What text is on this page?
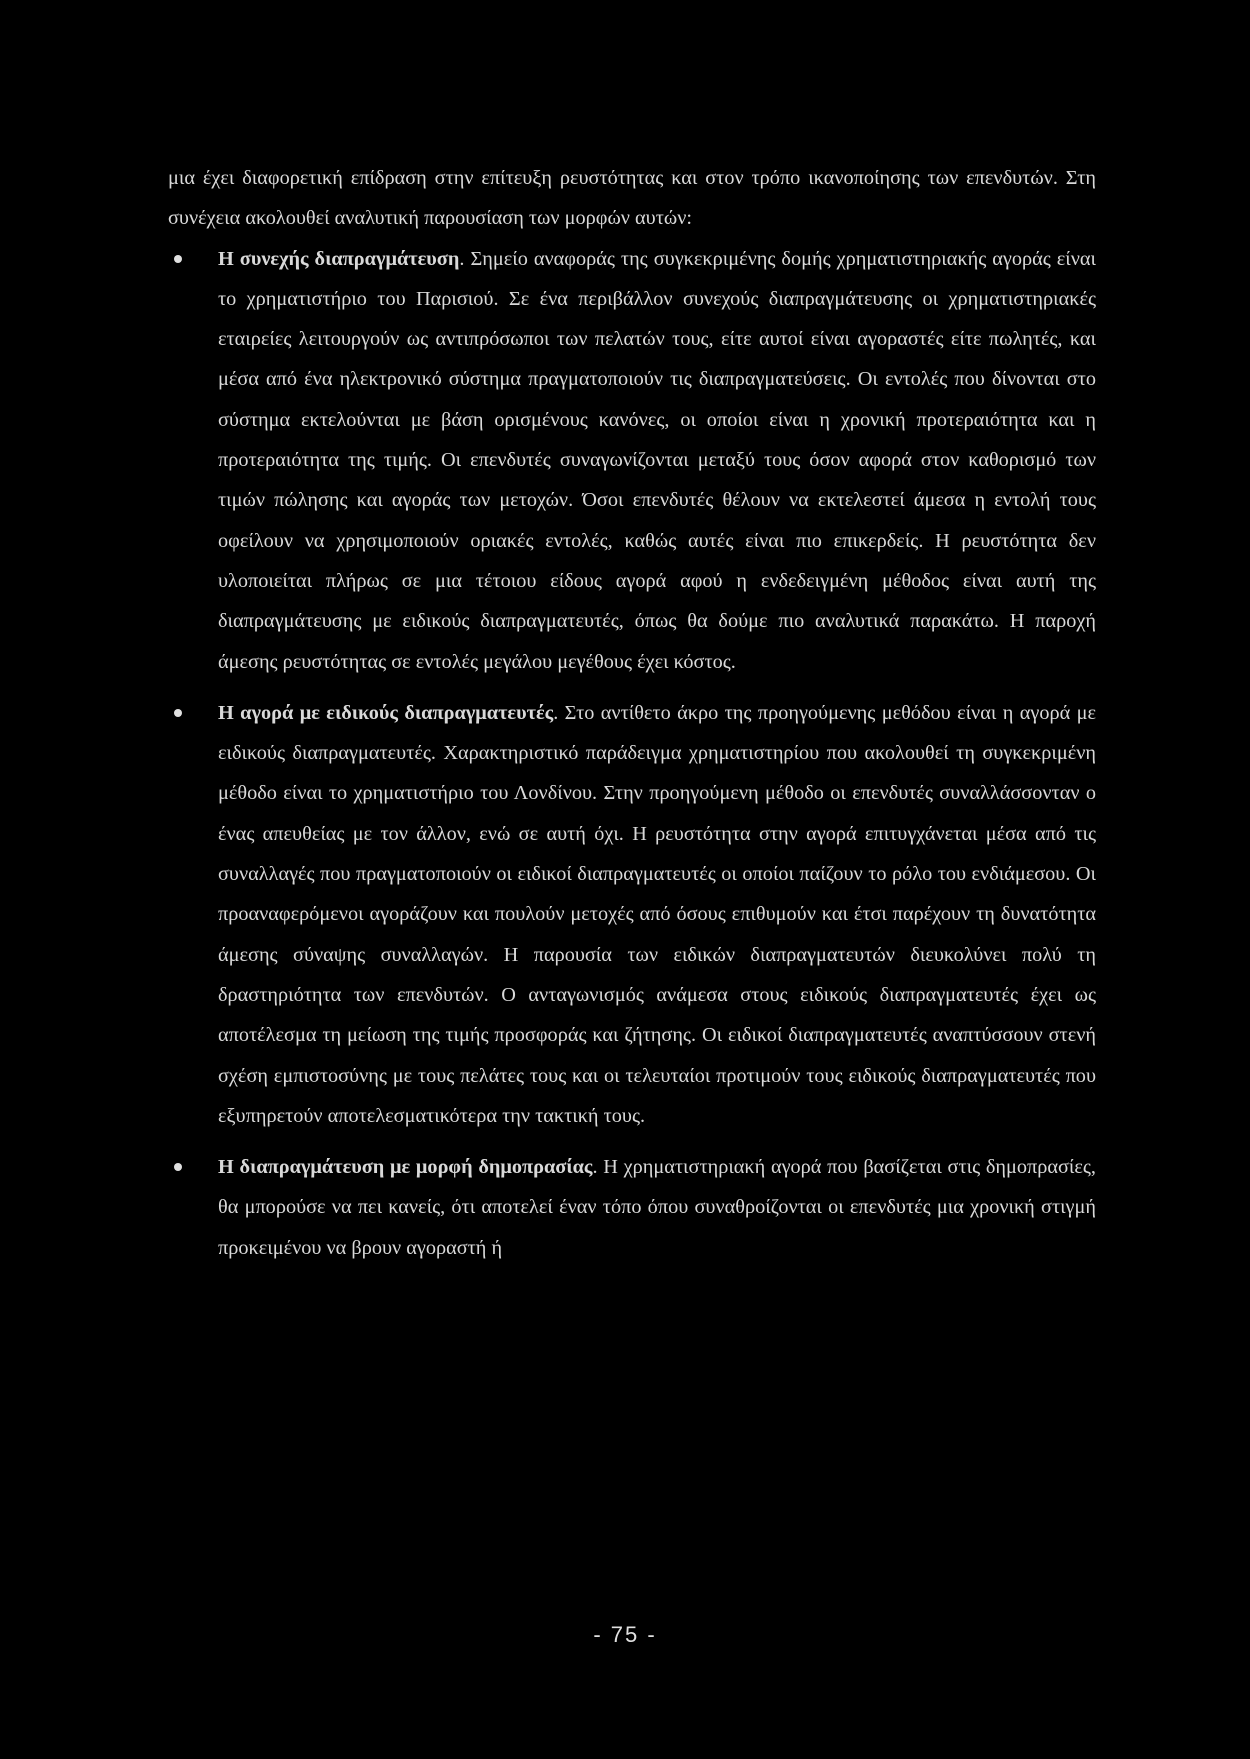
μια έχει διαφορετική επίδραση στην επίτευξη ρευστότητας και στον τρόπο ικανοποίησης των επενδυτών. Στη συνέχεια ακολουθεί αναλυτική παρουσίαση των μορφών αυτών:

Η συνεχής διαπραγμάτευση. Σημείο αναφοράς της συγκεκριμένης δομής χρηματιστηριακής αγοράς είναι το χρηματιστήριο του Παρισιού. Σε ένα περιβάλλον συνεχούς διαπραγμάτευσης οι χρηματιστηριακές εταιρείες λειτουργούν ως αντιπρόσωποι των πελατών τους, είτε αυτοί είναι αγοραστές είτε πωλητές, και μέσα από ένα ηλεκτρονικό σύστημα πραγματοποιούν τις διαπραγματεύσεις. Οι εντολές που δίνονται στο σύστημα εκτελούνται με βάση ορισμένους κανόνες, οι οποίοι είναι η χρονική προτεραιότητα και η προτεραιότητα της τιμής. Οι επενδυτές συναγωνίζονται μεταξύ τους όσον αφορά στον καθορισμό των τιμών πώλησης και αγοράς των μετοχών. Όσοι επενδυτές θέλουν να εκτελεστεί άμεσα η εντολή τους οφείλουν να χρησιμοποιούν οριακές εντολές, καθώς αυτές είναι πιο επικερδείς. Η ρευστότητα δεν υλοποιείται πλήρως σε μια τέτοιου είδους αγορά αφού η ενδεδειγμένη μέθοδος είναι αυτή της διαπραγμάτευσης με ειδικούς διαπραγματευτές, όπως θα δούμε πιο αναλυτικά παρακάτω. Η παροχή άμεσης ρευστότητας σε εντολές μεγάλου μεγέθους έχει κόστος.
Η αγορά με ειδικούς διαπραγματευτές. Στο αντίθετο άκρο της προηγούμενης μεθόδου είναι η αγορά με ειδικούς διαπραγματευτές. Χαρακτηριστικό παράδειγμα χρηματιστηρίου που ακολουθεί τη συγκεκριμένη μέθοδο είναι το χρηματιστήριο του Λονδίνου. Στην προηγούμενη μέθοδο οι επενδυτές συναλλάσσονταν ο ένας απευθείας με τον άλλον, ενώ σε αυτή όχι. Η ρευστότητα στην αγορά επιτυγχάνεται μέσα από τις συναλλαγές που πραγματοποιούν οι ειδικοί διαπραγματευτές οι οποίοι παίζουν το ρόλο του ενδιάμεσου. Οι προαναφερόμενοι αγοράζουν και πουλούν μετοχές από όσους επιθυμούν και έτσι παρέχουν τη δυνατότητα άμεσης σύναψης συναλλαγών. Η παρουσία των ειδικών διαπραγματευτών διευκολύνει πολύ τη δραστηριότητα των επενδυτών. Ο ανταγωνισμός ανάμεσα στους ειδικούς διαπραγματευτές έχει ως αποτέλεσμα τη μείωση της τιμής προσφοράς και ζήτησης. Οι ειδικοί διαπραγματευτές αναπτύσσουν στενή σχέση εμπιστοσύνης με τους πελάτες τους και οι τελευταίοι προτιμούν τους ειδικούς διαπραγματευτές που εξυπηρετούν αποτελεσματικότερα την τακτική τους.
Η διαπραγμάτευση με μορφή δημοπρασίας. Η χρηματιστηριακή αγορά που βασίζεται στις δημοπρασίες, θα μπορούσε να πει κανείς, ότι αποτελεί έναν τόπο όπου συναθροίζονται οι επενδυτές μια χρονική στιγμή προκειμένου να βρουν αγοραστή ή
- 75 -
